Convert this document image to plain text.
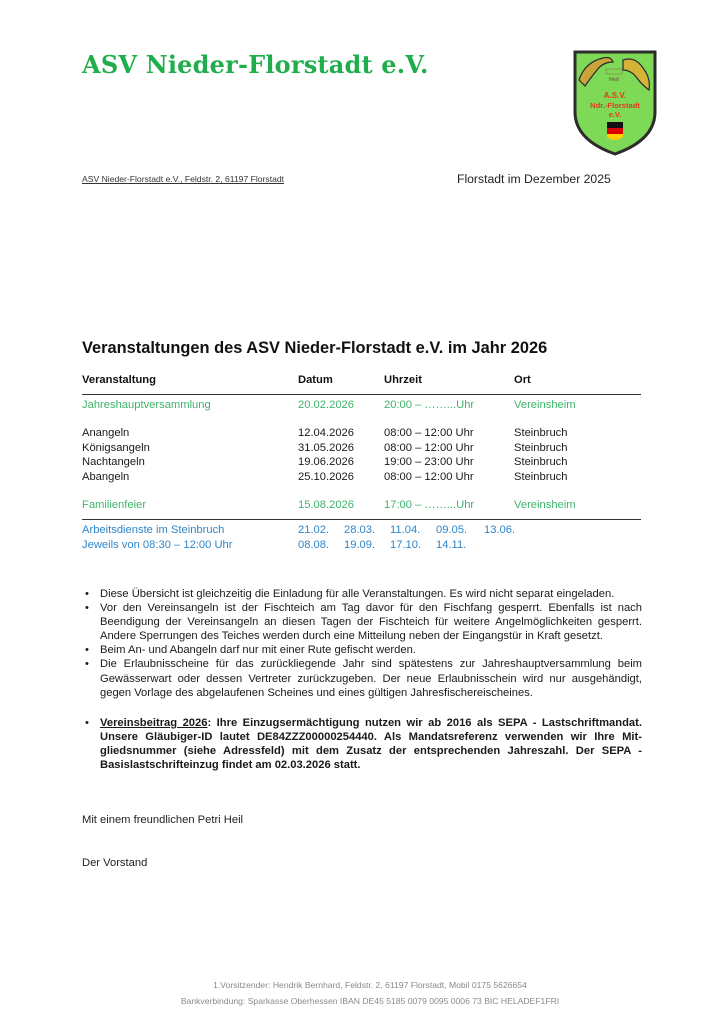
ASV Nieder-Florstadt e.V.
Heil
A.S.V.
Ndr.-Florstadt
e.V.
ASV Nieder-Florstadt e.V., Feldstr. 2, 61197 Florstadt	Florstadt im Dezember 2025
Veranstaltungen des ASV Nieder-Florstadt e.V. im Jahr 2026
Veranstaltung	Datum	Uhrzeit	Ort
Jahreshauptversammlung	20.02.2026	20:00 – ……...Uhr	Vereinsheim
Anangeln	12.04.2026	08:00 – 12:00 Uhr	Steinbruch
Königsangeln	31.05.2026	08:00 – 12:00 Uhr	Steinbruch
Nachtangeln	19.06.2026	19:00 – 23:00 Uhr	Steinbruch
Abangeln	25.10.2026	08:00 – 12:00 Uhr	Steinbruch
Familienfeier	15.08.2026	17:00 – ……...Uhr	Vereinsheim
Arbeitsdienste im Steinbruch	21.02. 28.03. 11.04. 09.05. 13.06.
Jeweils von 08:30 – 12:00 Uhr	08.08. 19.09. 17.10. 14.11.
• Diese Übersicht ist gleichzeitig die Einladung für alle Veranstaltungen. Es wird nicht separat eingeladen.
• Vor den Vereinsangeln ist der Fischteich am Tag davor für den Fischfang gesperrt. Ebenfalls ist nach Beendigung der Vereinsangeln an diesen Tagen der Fischteich für weitere Angelmöglichkeiten gesperrt. Andere Sperrungen des Teiches werden durch eine Mitteilung neben der Eingangstür in Kraft gesetzt.
• Beim An- und Abangeln darf nur mit einer Rute gefischt werden.
• Die Erlaubnisscheine für das zurückliegende Jahr sind spätestens zur Jahreshauptversammlung beim Gewässerwart oder dessen Vertreter zurückzugeben. Der neue Erlaubnisschein wird nur ausgehändigt, gegen Vorlage des abgelaufenen Scheines und eines gültigen Jahresfischereischeines.
• Vereinsbeitrag 2026: Ihre Einzugsermächtigung nutzen wir ab 2016 als SEPA - Lastschriftmandat. Unsere Gläubiger-ID lautet DE84ZZZ00000254440. Als Mandatsreferenz verwenden wir Ihre Mitgliedsnummer (siehe Adressfeld) mit dem Zusatz der entsprechenden Jahreszahl. Der SEPA - Basislastschrifteinzug findet am 02.03.2026 statt.
Mit einem freundlichen Petri Heil
Der Vorstand
1.Vorsitzender: Hendrik Bernhard, Feldstr. 2, 61197 Florstadt, Mobil 0175 5626654
Bankverbindung: Sparkasse Oberhessen IBAN DE45 5185 0079 0095 0006 73 BIC HELADEF1FRI
